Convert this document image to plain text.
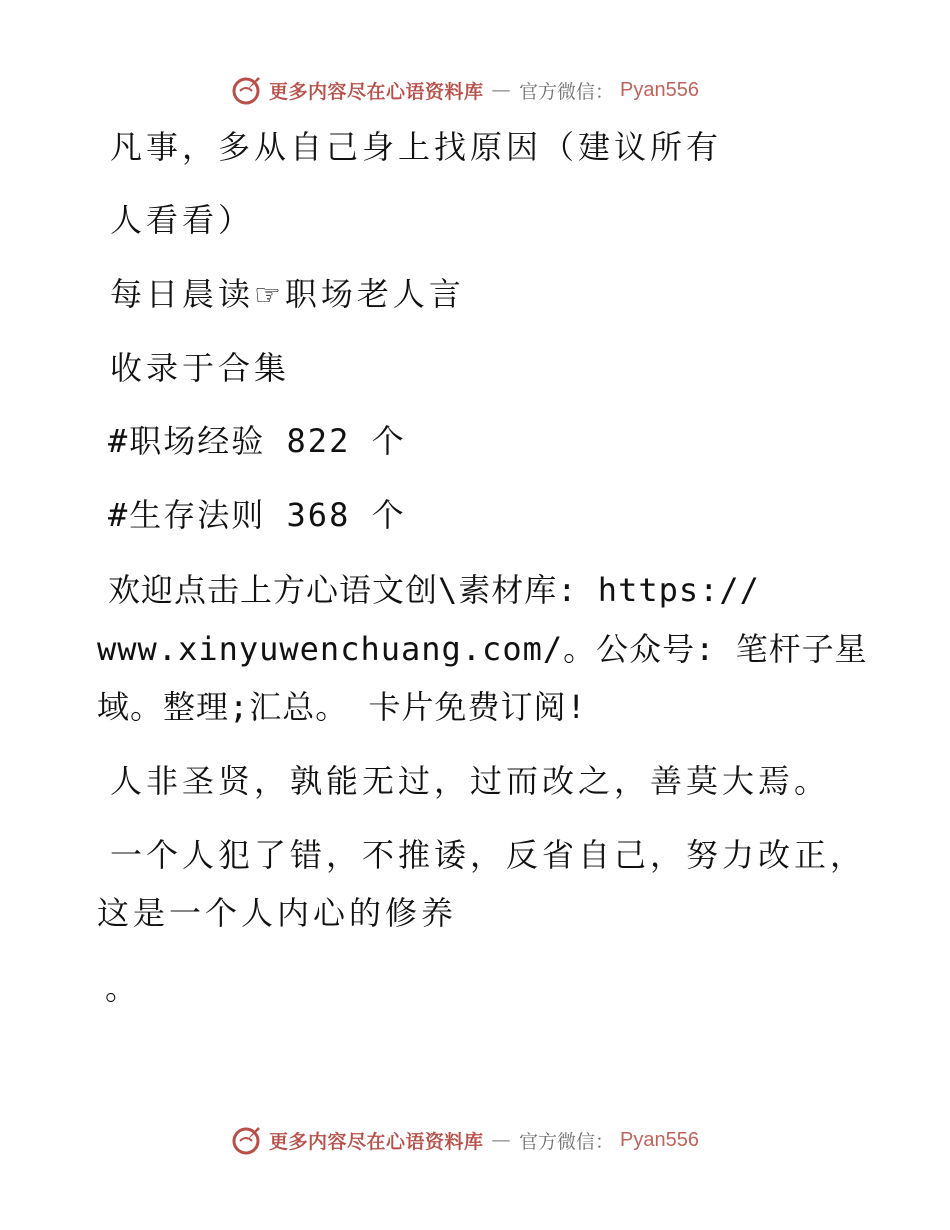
更多内容尽在心语资料库 — 官方微信： Pyan556
凡事，多从自己身上找原因（建议所有
人看看）
每日晨读☞ 职场老人言
收录于合集
#职场经验 822 个
#生存法则 368 个
欢迎点击上方心语文创\素材库: https://
www.xinyuwenchuang.com/。公众号: 笔杆子星
域。整理;汇总。 卡片免费订阅!
人非圣贤，孰能无过，过而改之，善莫大焉。
一个人犯了错，不推诿，反省自己，努力改正，
这是一个人内心的修养
。
更多内容尽在心语资料库 — 官方微信： Pyan556
